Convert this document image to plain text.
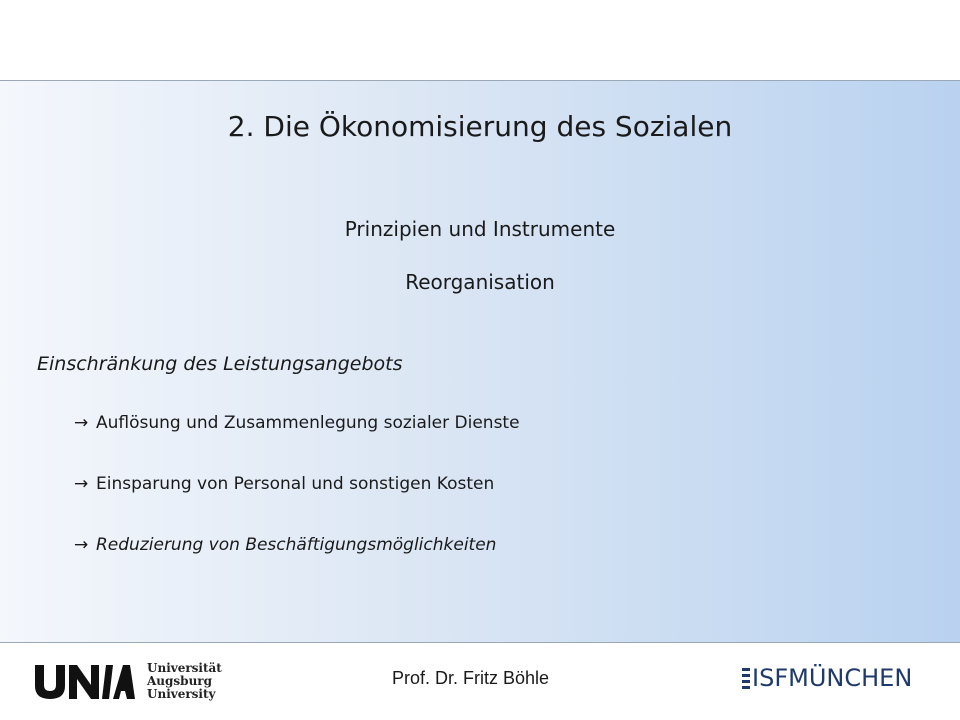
2. Die Ökonomisierung des Sozialen
Prinzipien und Instrumente
Reorganisation
Einschränkung des Leistungsangebots
→ Auflösung und Zusammenlegung sozialer Dienste
→ Einsparung von Personal und sonstigen Kosten
→ Reduzierung von Beschäftigungsmöglichkeiten
Universität
Augsburg
University
Prof. Dr. Fritz Böhle	ISFMÜNCHEN
